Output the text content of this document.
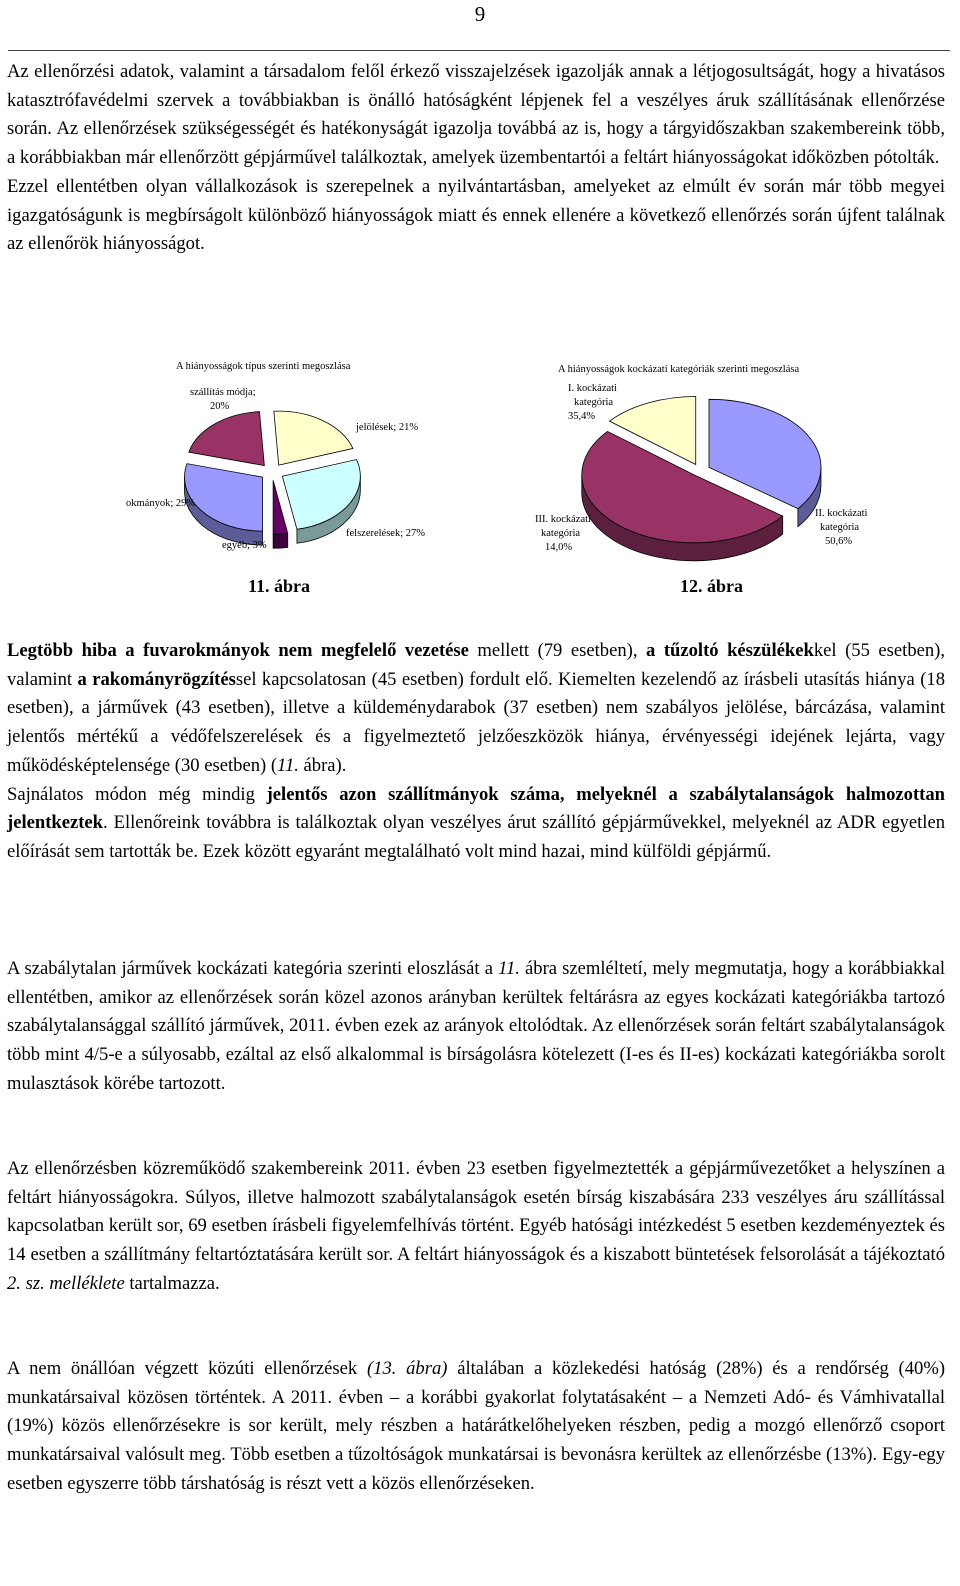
9

Az ellenőrzési adatok, valamint a társadalom felől érkező visszajelzések igazolják annak a létjogosultságát, hogy a hivatásos katasztrófavédelmi szervek a továbbiakban is önálló hatóságként lépjenek fel a veszélyes áruk szállításának ellenőrzése során. Az ellenőrzések szükségességét és hatékonyságát igazolja továbbá az is, hogy a tárgyidőszakban szakembereink több, a korábbiakban már ellenőrzött gépjárművel találkoztak, amelyek üzembentartói a feltárt hiányosságokat időközben pótolták.

Ezzel ellentétben olyan vállalkozások is szerepelnek a nyilvántartásban, amelyeket az elmúlt év során már több megyei igazgatóságunk is megbírságolt különböző hiányosságok miatt és ennek ellenére a következő ellenőrzés során újfent találnak az ellenőrök hiányosságot.

A hiányosságok típus szerinti megoszlása
szállítás módja;
20%
jelölések; 21%
okmányok; 29%
felszerelések; 27%
egyéb; 3%
A hiányosságok kockázati kategóriák szerinti megoszlása
I. kockázati
kategória
35,4%
II. kockázati
kategória
50,6%
III. kockázati
kategória
14,0%
11. ábra	12. ábra

Legtöbb hiba a fuvarokmányok nem megfelelő vezetése mellett (79 esetben), a tűzoltó készülékekkel (55 esetben), valamint a rakományrögzítéssel kapcsolatosan (45 esetben) fordult elő. Kiemelten kezelendő az írásbeli utasítás hiánya (18 esetben), a járművek (43 esetben), illetve a küldeménydarabok (37 esetben) nem szabályos jelölése, bárcázása, valamint jelentős mértékű a védőfelszerelések és a figyelmeztető jelzőeszközök hiánya, érvényességi idejének lejárta, vagy működésképtelensége (30 esetben) (11. ábra).

Sajnálatos módon még mindig jelentős azon szállítmányok száma, melyeknél a szabálytalanságok halmozottan jelentkeztek. Ellenőreink továbbra is találkoztak olyan veszélyes árut szállító gépjárművekkel, melyeknél az ADR egyetlen előírását sem tartották be. Ezek között egyaránt megtalálható volt mind hazai, mind külföldi gépjármű.

A szabálytalan járművek kockázati kategória szerinti eloszlását a 11. ábra szemléltetí, mely megmutatja, hogy a korábbiakkal ellentétben, amikor az ellenőrzések során közel azonos arányban kerültek feltárásra az egyes kockázati kategóriákba tartozó szabálytalansággal szállító járművek, 2011. évben ezek az arányok eltolódtak. Az ellenőrzések során feltárt szabálytalanságok több mint 4/5-e a súlyosabb, ezáltal az első alkalommal is bírságolásra kötelezett (I-es és II-es) kockázati kategóriákba sorolt mulasztások körébe tartozott.

Az ellenőrzésben közreműködő szakembereink 2011. évben 23 esetben figyelmeztették a gépjárművezetőket a helyszínen a feltárt hiányosságokra. Súlyos, illetve halmozott szabálytalanságok esetén bírság kiszabására 233 veszélyes áru szállítással kapcsolatban került sor, 69 esetben írásbeli figyelemfelhívás történt. Egyéb hatósági intézkedést 5 esetben kezdeményeztek és 14 esetben a szállítmány feltartóztatására került sor. A feltárt hiányosságok és a kiszabott büntetések felsorolását a tájékoztató 2. sz. melléklete tartalmazza.

A nem önállóan végzett közúti ellenőrzések (13. ábra) általában a közlekedési hatóság (28%) és a rendőrség (40%) munkatársaival közösen történtek. A 2011. évben – a korábbi gyakorlat folytatásaként – a Nemzeti Adó- és Vámhivatallal (19%) közös ellenőrzésekre is sor került, mely részben a határátkelőhelyeken részben, pedig a mozgó ellenőrző csoport munkatársaival valósult meg. Több esetben a tűzoltóságok munkatársai is bevonásra kerültek az ellenőrzésbe (13%). Egy-egy esetben egyszerre több társhatóság is részt vett a közös ellenőrzéseken.
